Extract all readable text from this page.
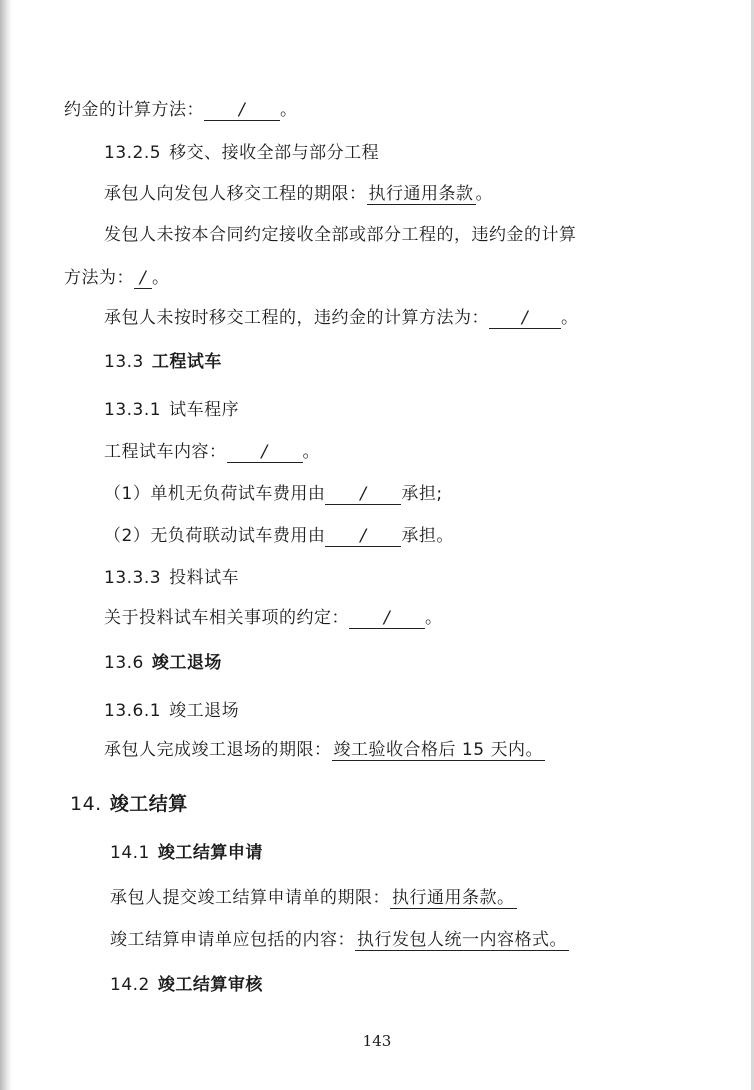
约金的计算方法： / 。
13.2.5 移交、接收全部与部分工程
承包人向发包人移交工程的期限： 执行通用条款 。
发包人未按本合同约定接收全部或部分工程的，违约金的计算
方法为： / 。
承包人未按时移交工程的，违约金的计算方法为： / 。
13.3 工程试车
13.3.1 试车程序
工程试车内容： / 。
（1）单机无负荷试车费用由 / 承担;
（2）无负荷联动试车费用由 / 承担。
13.3.3 投料试车
关于投料试车相关事项的约定： / 。
13.6 竣工退场
13.6.1 竣工退场
承包人完成竣工退场的期限： 竣工验收合格后 15 天内。
14. 竣工结算
14.1 竣工结算申请
承包人提交竣工结算申请单的期限： 执行通用条款。
竣工结算申请单应包括的内容： 执行发包人统一内容格式。
14.2 竣工结算审核
143
